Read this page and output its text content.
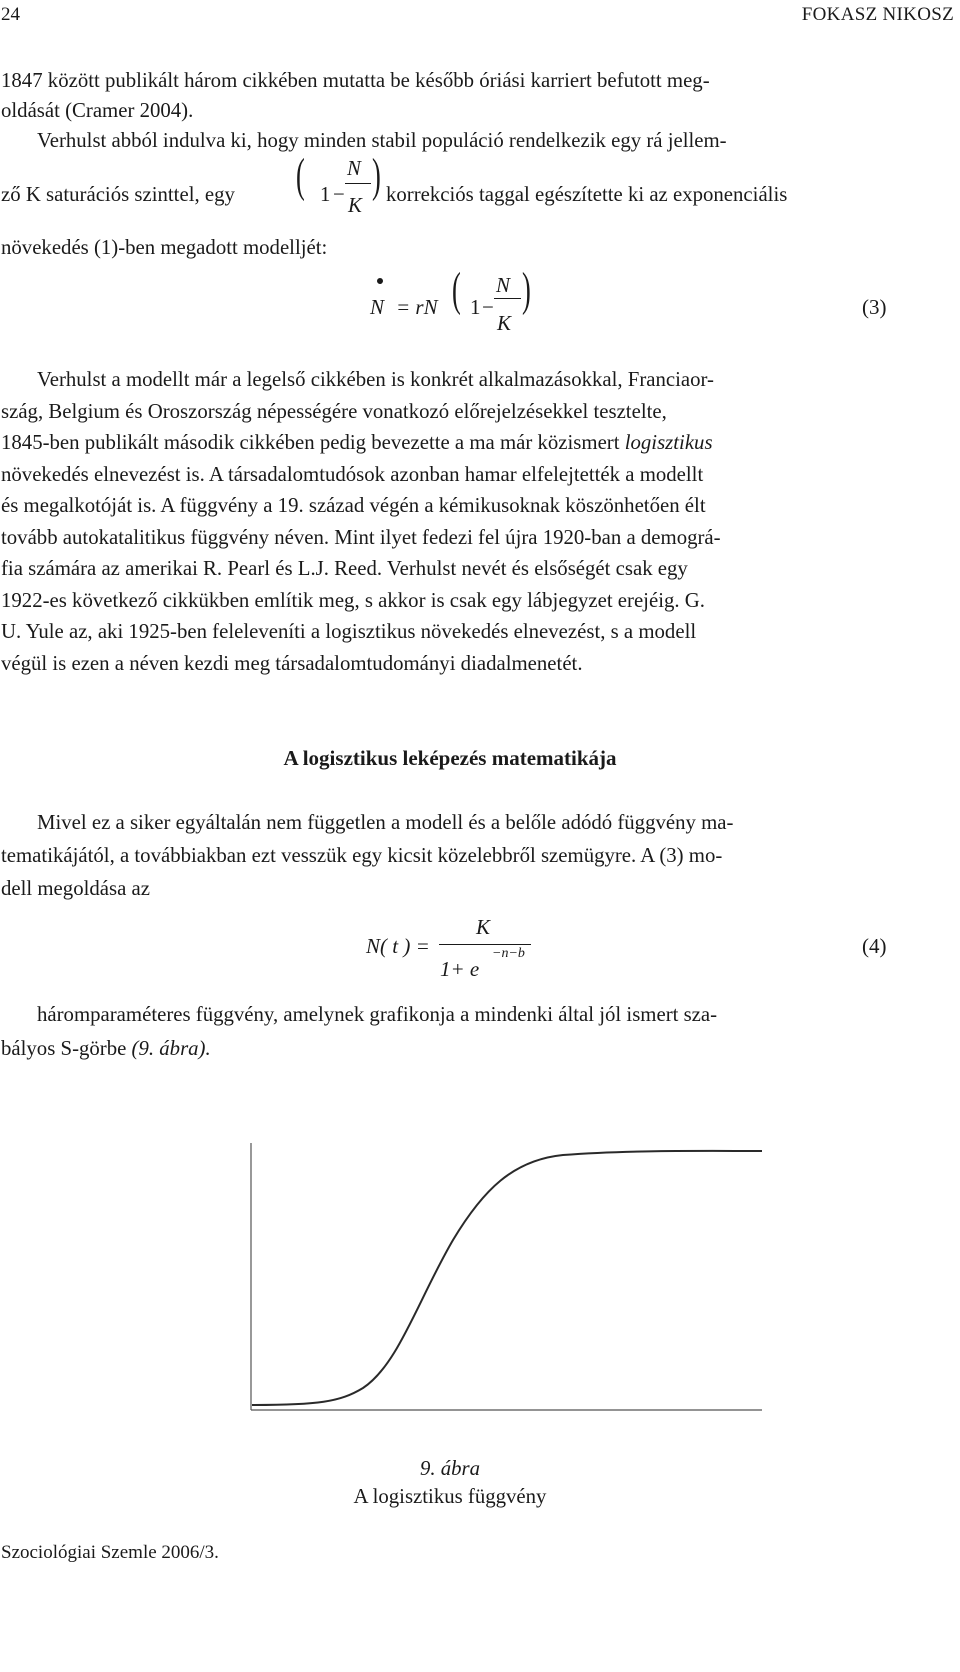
24	FOKASZ NIKOSZ
1847 között publikált három cikkében mutatta be később óriási karriert befutott meg-
oldását (Cramer 2004).
Verhulst abból indulva ki, hogy minden stabil populáció rendelkezik egy rá jellem-
ző K saturációs szinttel, egy	( 1 −
N
K
) korrekciós taggal egészítette ki az exponenciális
növekedés (1)-ben megadott modelljét:
N = rN ( 1 −
N
K
)	(3)
Verhulst a modellt már a legelső cikkében is konkrét alkalmazásokkal, Franciaor-
szág, Belgium és Oroszország népességére vonatkozó előrejelzésekkel tesztelte,
1845-ben publikált második cikkében pedig bevezette a ma már közismert logisztikus
növekedés elnevezést is. A társadalomtudósok azonban hamar elfelejtették a modellt
és megalkotóját is. A függvény a 19. század végén a kémikusoknak köszönhetően élt
tovább autokatalitikus függvény néven. Mint ilyet fedezi fel újra 1920-ban a demográ-
fia számára az amerikai R. Pearl és L.J. Reed. Verhulst nevét és elsőségét csak egy
1922-es következő cikkükben említik meg, s akkor is csak egy lábjegyzet erejéig. G.
U. Yule az, aki 1925-ben feleleveníti a logisztikus növekedés elnevezést, s a modell
végül is ezen a néven kezdi meg társadalomtudományi diadalmenetét.
A logisztikus leképezés matematikája
Mivel ez a siker egyáltalán nem független a modell és a belőle adódó függvény ma-
tematikájától, a továbbiakban ezt vesszük egy kicsit közelebbről szemügyre. A (3) mo-
dell megoldása az
N( t ) =
K
1+ e
−n−b	(4)
háromparaméteres függvény, amelynek grafikonja a mindenki által jól ismert sza-
bályos S-görbe (9. ábra).
9. ábra
A logisztikus függvény
Szociológiai Szemle 2006/3.
